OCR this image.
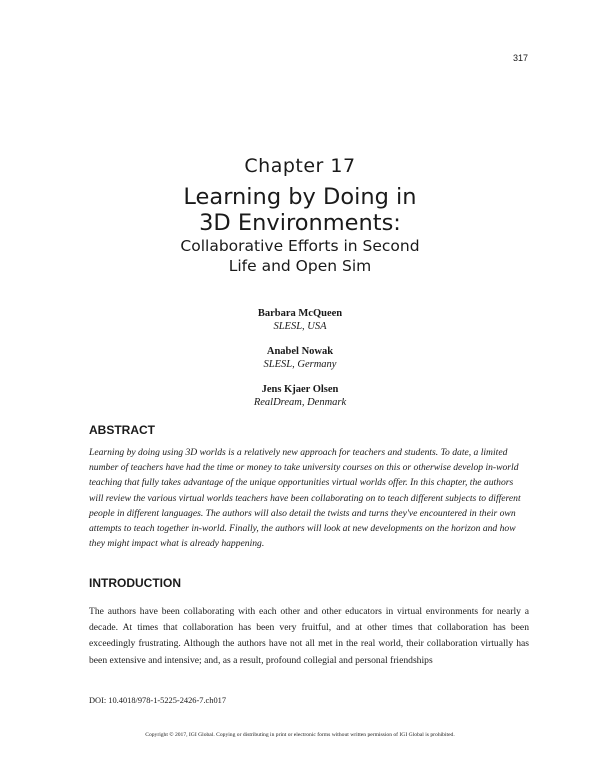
317
Chapter 17
Learning by Doing in
3D Environments:
Collaborative Efforts in Second
Life and Open Sim
Barbara McQueen
SLESL, USA
Anabel Nowak
SLESL, Germany
Jens Kjaer Olsen
RealDream, Denmark
ABSTRACT

Learning by doing using 3D worlds is a relatively new approach for teachers and students. To date, a limited number of teachers have had the time or money to take university courses on this or otherwise develop in-world teaching that fully takes advantage of the unique opportunities virtual worlds offer. In this chapter, the authors will review the various virtual worlds teachers have been collaborating on to teach different subjects to different people in different languages. The authors will also detail the twists and turns they've encountered in their own attempts to teach together in-world. Finally, the authors will look at new developments on the horizon and how they might impact what is already happening.

INTRODUCTION

The authors have been collaborating with each other and other educators in virtual environments for nearly a decade. At times that collaboration has been very fruitful, and at other times that collaboration has been exceedingly frustrating. Although the authors have not all met in the real world, their collaboration virtually has been extensive and intensive; and, as a result, profound collegial and personal friendships

DOI: 10.4018/978-1-5225-2426-7.ch017
Copyright © 2017, IGI Global. Copying or distributing in print or electronic forms without written permission of IGI Global is prohibited.
